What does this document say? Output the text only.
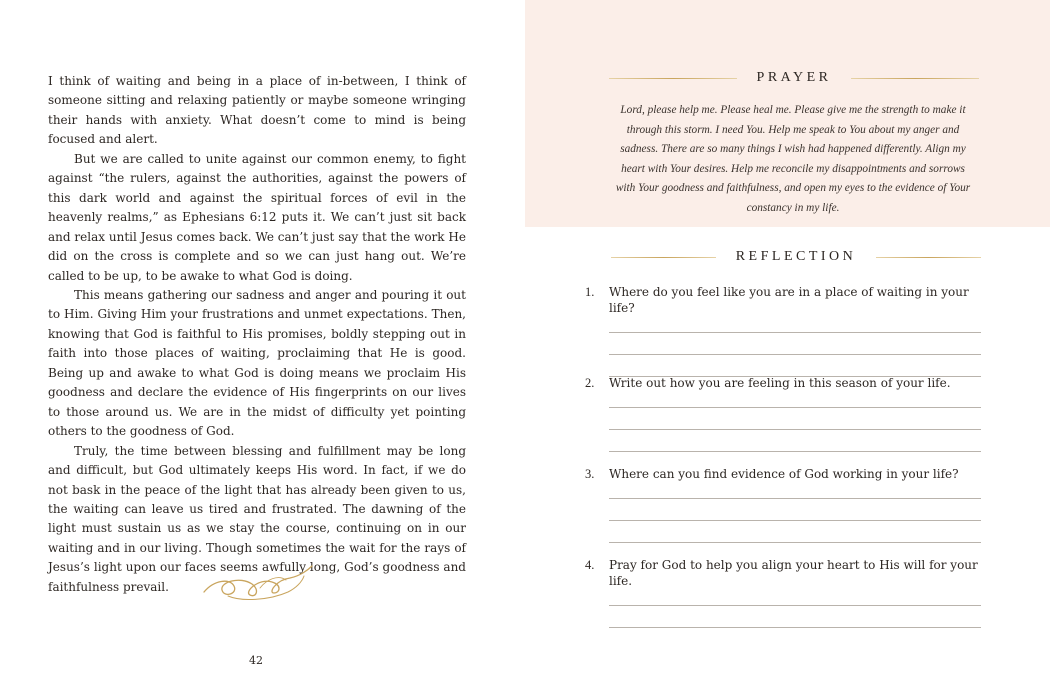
I think of waiting and being in a place of in-between, I think of someone sitting and relaxing patiently or maybe someone wringing their hands with anxiety. What doesn’t come to mind is being focused and alert.

But we are called to unite against our common enemy, to fight against “the rulers, against the authorities, against the powers of this dark world and against the spiritual forces of evil in the heavenly realms,” as Ephesians 6:12 puts it. We can’t just sit back and relax until Jesus comes back. We can’t just say that the work He did on the cross is complete and so we can just hang out. We’re called to be up, to be awake to what God is doing.

This means gathering our sadness and anger and pouring it out to Him. Giving Him your frustrations and unmet expectations. Then, knowing that God is faithful to His promises, boldly stepping out in faith into those places of waiting, proclaiming that He is good. Being up and awake to what God is doing means we proclaim His goodness and declare the evidence of His fingerprints on our lives to those around us. We are in the midst of difficulty yet pointing others to the goodness of God.

Truly, the time between blessing and fulfillment may be long and difficult, but God ultimately keeps His word. In fact, if we do not bask in the peace of the light that has already been given to us, the waiting can leave us tired and frustrated. The dawning of the light must sustain us as we stay the course, continuing on in our waiting and in our living. Though sometimes the wait for the rays of Jesus’s light upon our faces seems awfully long, God’s goodness and faithfulness prevail.

42
PRAYER
Lord, please help me. Please heal me. Please give me the strength to make it through this storm. I need You. Help me speak to You about my anger and sadness. There are so many things I wish had happened differently. Align my heart with Your desires. Help me reconcile my disappointments and sorrows with Your goodness and faithfulness, and open my eyes to the evidence of Your constancy in my life.
REFLECTION
1.	Where do you feel like you are in a place of waiting in your life?
2.	Write out how you are feeling in this season of your life.
3.	Where can you find evidence of God working in your life?
4.	Pray for God to help you align your heart to His will for your life.
